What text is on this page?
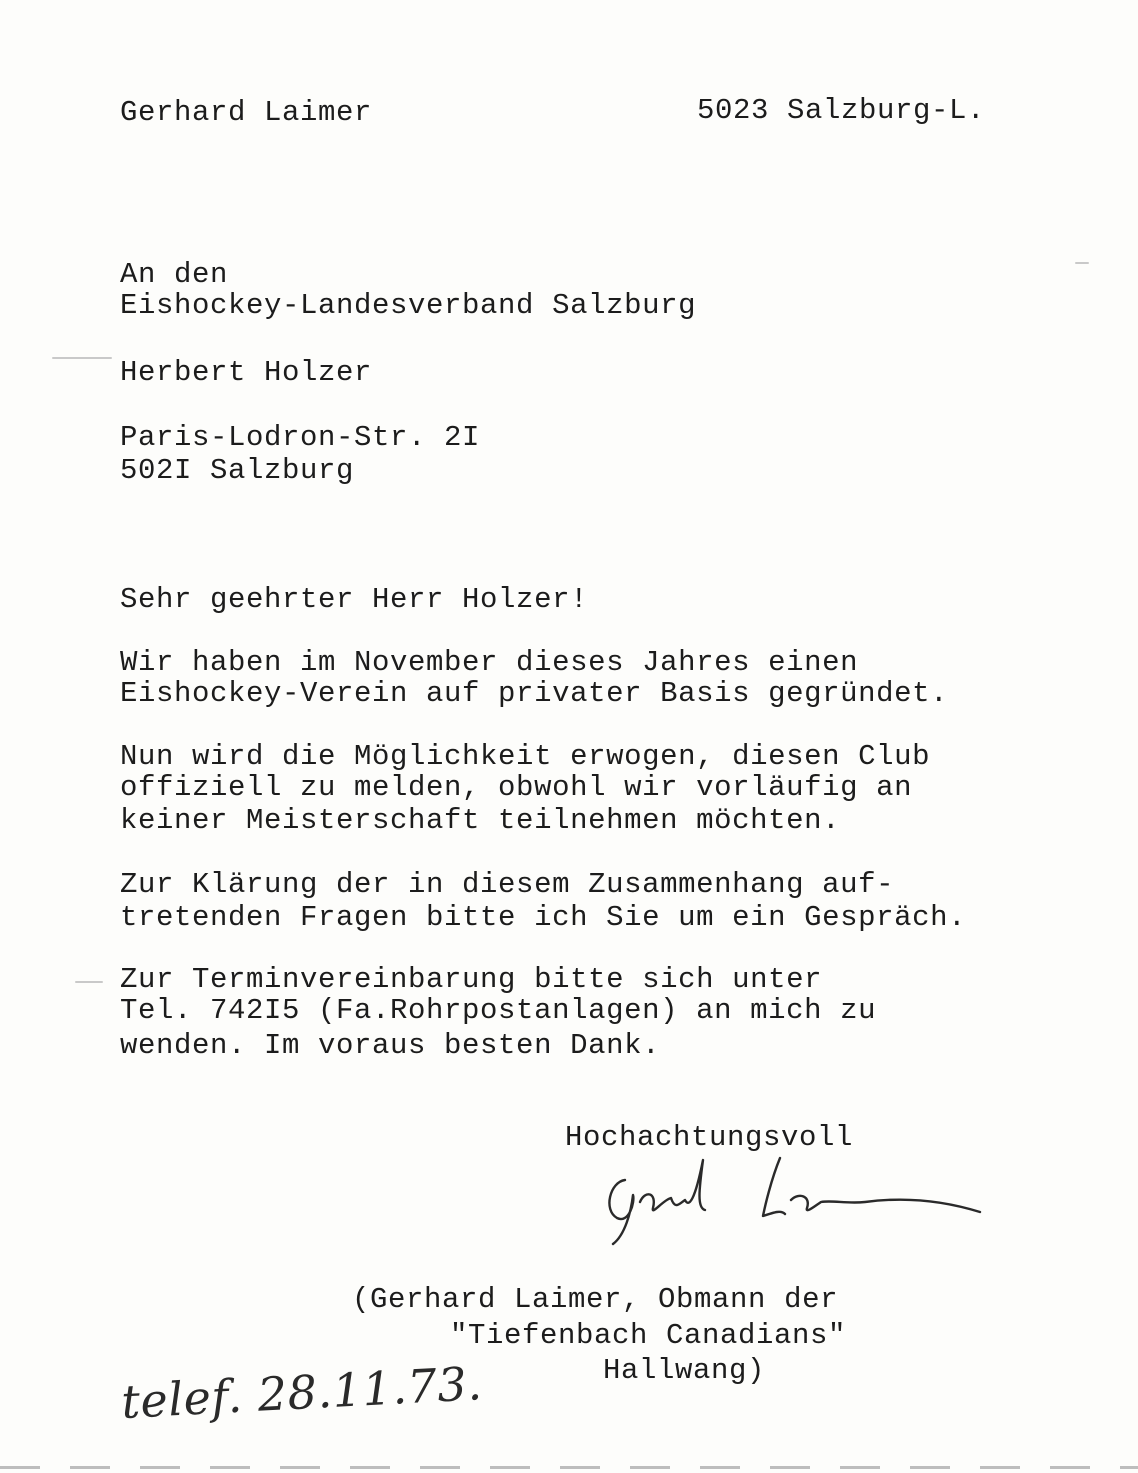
Gerhard Laimer	5023 Salzburg-L.
An den
Eishockey-Landesverband Salzburg
Herbert Holzer
Paris-Lodron-Str. 2I
502I Salzburg
Sehr geehrter Herr Holzer!
Wir haben im November dieses Jahres einen
Eishockey-Verein auf privater Basis gegründet.
Nun wird die Möglichkeit erwogen, diesen Club
offiziell zu melden, obwohl wir vorläufig an
keiner Meisterschaft teilnehmen möchten.
Zur Klärung der in diesem Zusammenhang auf-
tretenden Fragen bitte ich Sie um ein Gespräch.
Zur Terminvereinbarung bitte sich unter
Tel. 742I5 (Fa.Rohrpostanlagen) an mich zu
wenden. Im voraus besten Dank.
Hochachtungsvoll
(Gerhard Laimer, Obmann der
"Tiefenbach Canadians"
Hallwang)
telef. 28.11.73.
